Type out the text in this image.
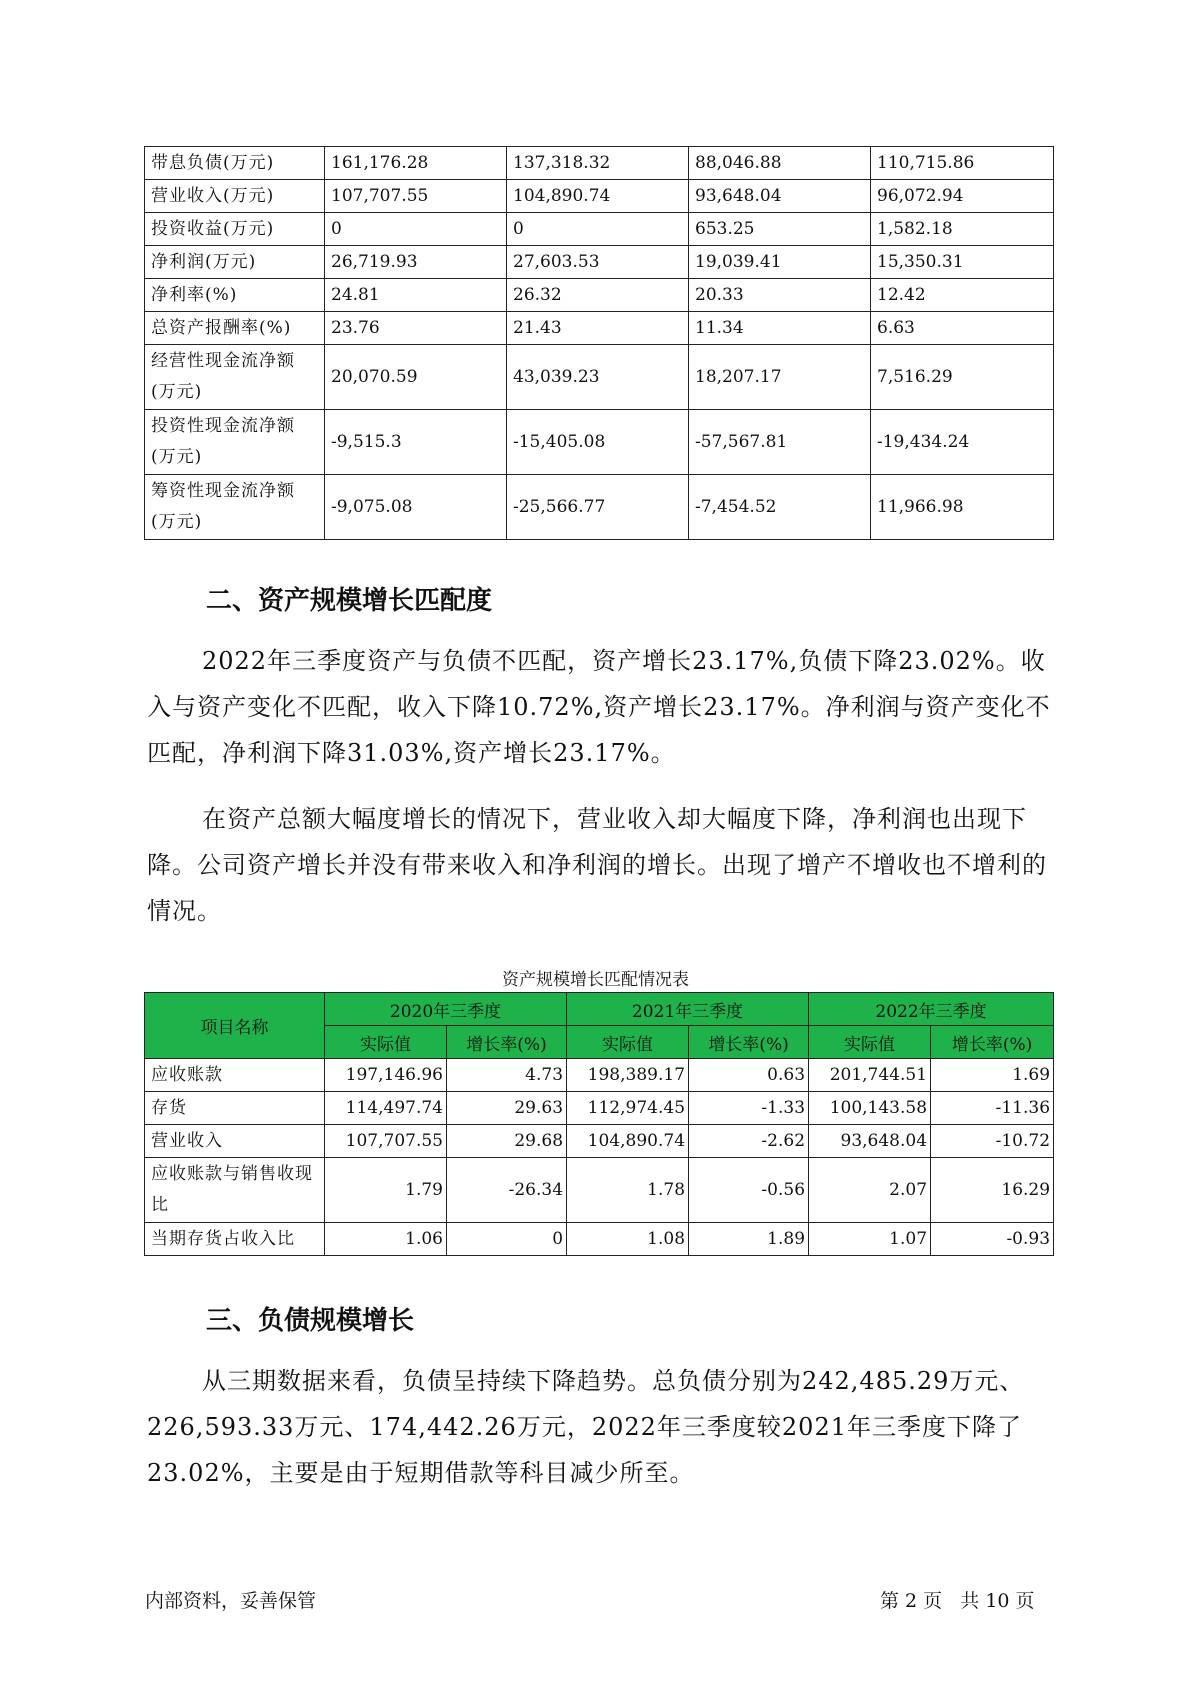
带息负债(万元)	161,176.28	137,318.32	88,046.88	110,715.86
营业收入(万元)	107,707.55	104,890.74	93,648.04	96,072.94
投资收益(万元)	0	0	653.25	1,582.18
净利润(万元)	26,719.93	27,603.53	19,039.41	15,350.31
净利率(%)	24.81	26.32	20.33	12.42
总资产报酬率(%)	23.76	21.43	11.34	6.63
经营性现金流净额(万元)	20,070.59	43,039.23	18,207.17	7,516.29
投资性现金流净额(万元)	-9,515.3	-15,405.08	-57,567.81	-19,434.24
筹资性现金流净额(万元)	-9,075.08	-25,566.77	-7,454.52	11,966.98
二、资产规模增长匹配度

2022年三季度资产与负债不匹配，资产增长23.17%,负债下降23.02%。收入与资产变化不匹配，收入下降10.72%,资产增长23.17%。净利润与资产变化不匹配，净利润下降31.03%,资产增长23.17%。

在资产总额大幅度增长的情况下，营业收入却大幅度下降，净利润也出现下降。公司资产增长并没有带来收入和净利润的增长。出现了增产不增收也不增利的情况。

资产规模增长匹配情况表
项目名称	2020年三季度		2021年三季度		2022年三季度	
	实际值	增长率(%)	实际值	增长率(%)	实际值	增长率(%)
应收账款	197,146.96	4.73	198,389.17	0.63	201,744.51	1.69
存货	114,497.74	29.63	112,974.45	-1.33	100,143.58	-11.36
营业收入	107,707.55	29.68	104,890.74	-2.62	93,648.04	-10.72
应收账款与销售收现比	1.79	-26.34	1.78	-0.56	2.07	16.29
当期存货占收入比	1.06	0	1.08	1.89	1.07	-0.93
三、负债规模增长

从三期数据来看，负债呈持续下降趋势。总负债分别为242,485.29万元、226,593.33万元、174,442.26万元，2022年三季度较2021年三季度下降了23.02%，主要是由于短期借款等科目减少所至。

内部资料，妥善保管	第 2 页   共 10 页
